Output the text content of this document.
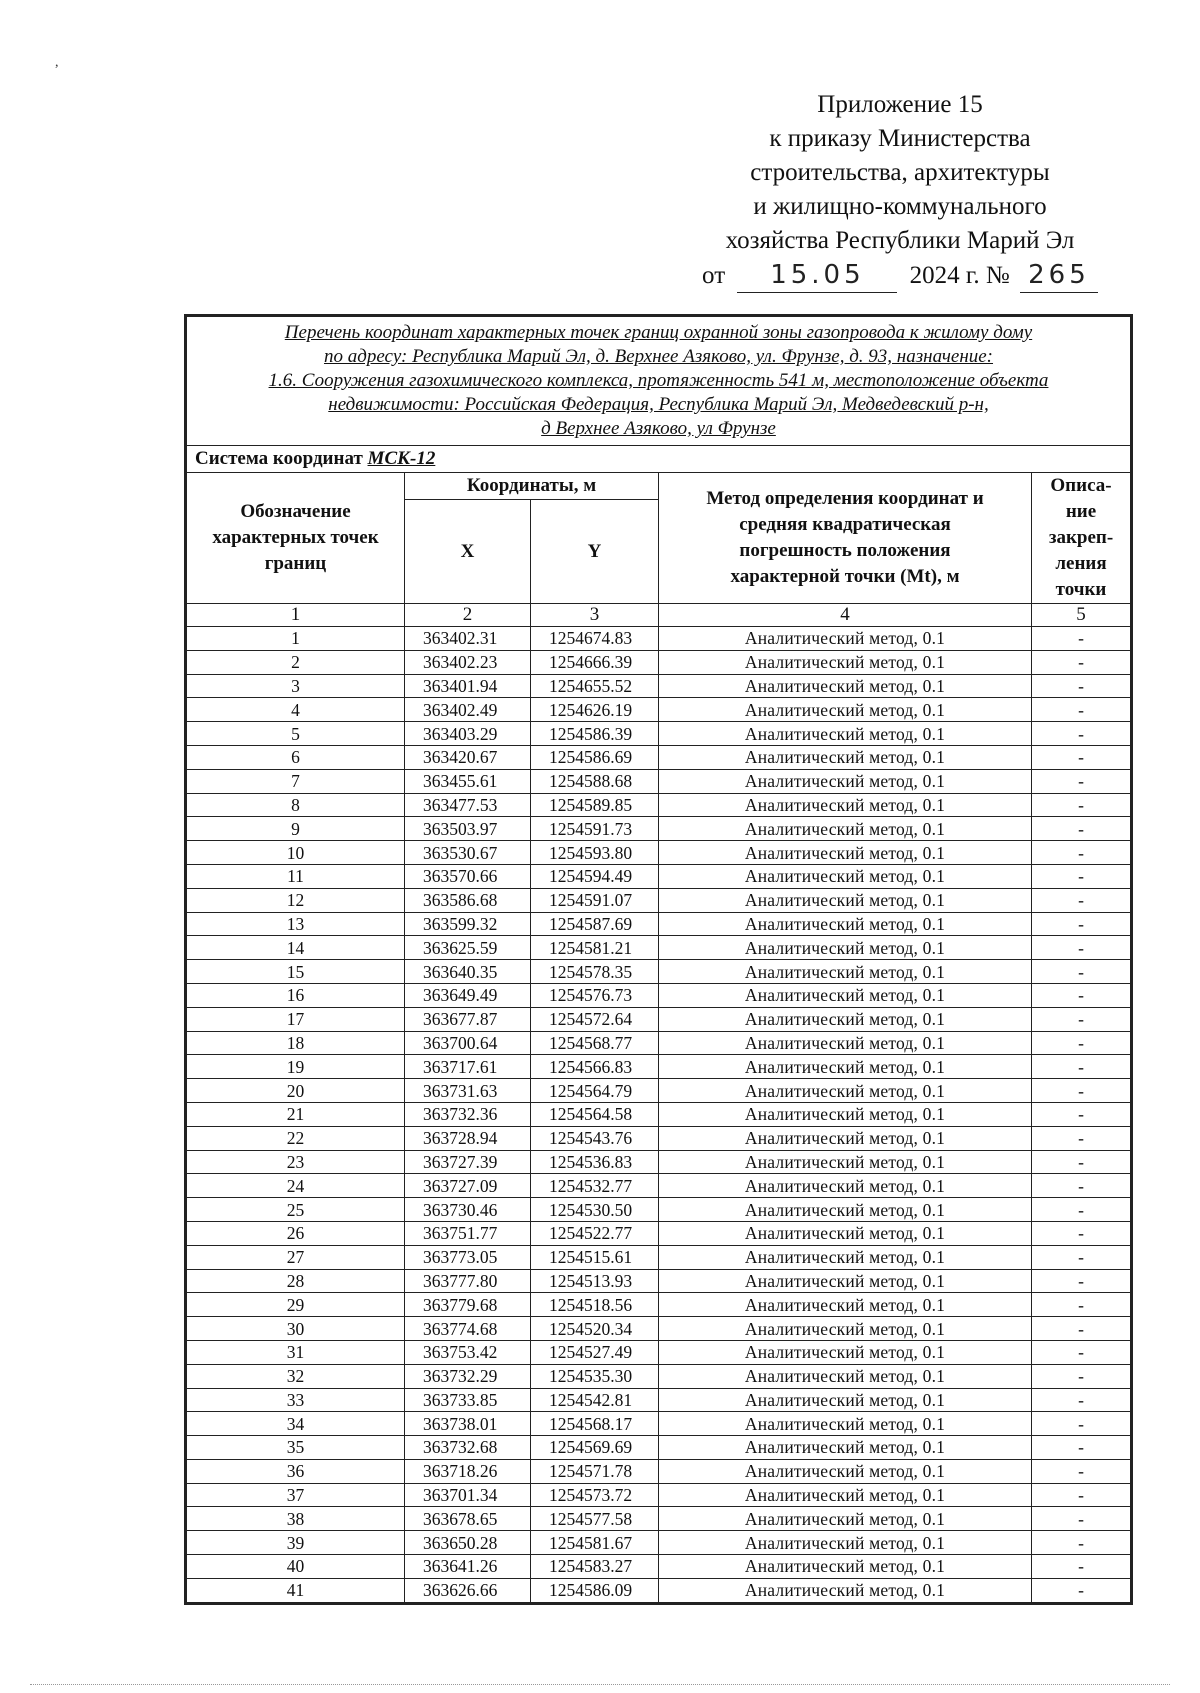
,
Приложение 15
к приказу Министерства
строительства, архитектуры
и жилищно-коммунального
хозяйства Республики Марий Эл
от 15.05 2024 г. № 265
Перечень координат характерных точек границ охранной зоны газопровода к жилому дому
по адресу: Республика Марий Эл, д. Верхнее Азяково, ул. Фрунзе, д. 93, назначение:
1.6. Сооружения газохимического комплекса, протяженность 541 м, местоположение объекта
недвижимости: Российская Федерация, Республика Марий Эл, Медведевский р-н,
д Верхнее Азяково, ул Фрунзе				

Система координат МСК-12				

Обозначение
характерных точек
границ	Координаты, м		Метод определения координат и
средняя квадратическая
погрешность положения
характерной точки (Mt), м	Описа-
ние
закреп-
ления
точки

	X	Y		
1	2	3	4	5
1	363402.31	1254674.83	Аналитический метод, 0.1	-
2	363402.23	1254666.39	Аналитический метод, 0.1	-
3	363401.94	1254655.52	Аналитический метод, 0.1	-
4	363402.49	1254626.19	Аналитический метод, 0.1	-
5	363403.29	1254586.39	Аналитический метод, 0.1	-
6	363420.67	1254586.69	Аналитический метод, 0.1	-
7	363455.61	1254588.68	Аналитический метод, 0.1	-
8	363477.53	1254589.85	Аналитический метод, 0.1	-
9	363503.97	1254591.73	Аналитический метод, 0.1	-
10	363530.67	1254593.80	Аналитический метод, 0.1	-
11	363570.66	1254594.49	Аналитический метод, 0.1	-
12	363586.68	1254591.07	Аналитический метод, 0.1	-
13	363599.32	1254587.69	Аналитический метод, 0.1	-
14	363625.59	1254581.21	Аналитический метод, 0.1	-
15	363640.35	1254578.35	Аналитический метод, 0.1	-
16	363649.49	1254576.73	Аналитический метод, 0.1	-
17	363677.87	1254572.64	Аналитический метод, 0.1	-
18	363700.64	1254568.77	Аналитический метод, 0.1	-
19	363717.61	1254566.83	Аналитический метод, 0.1	-
20	363731.63	1254564.79	Аналитический метод, 0.1	-
21	363732.36	1254564.58	Аналитический метод, 0.1	-
22	363728.94	1254543.76	Аналитический метод, 0.1	-
23	363727.39	1254536.83	Аналитический метод, 0.1	-
24	363727.09	1254532.77	Аналитический метод, 0.1	-
25	363730.46	1254530.50	Аналитический метод, 0.1	-
26	363751.77	1254522.77	Аналитический метод, 0.1	-
27	363773.05	1254515.61	Аналитический метод, 0.1	-
28	363777.80	1254513.93	Аналитический метод, 0.1	-
29	363779.68	1254518.56	Аналитический метод, 0.1	-
30	363774.68	1254520.34	Аналитический метод, 0.1	-
31	363753.42	1254527.49	Аналитический метод, 0.1	-
32	363732.29	1254535.30	Аналитический метод, 0.1	-
33	363733.85	1254542.81	Аналитический метод, 0.1	-
34	363738.01	1254568.17	Аналитический метод, 0.1	-
35	363732.68	1254569.69	Аналитический метод, 0.1	-
36	363718.26	1254571.78	Аналитический метод, 0.1	-
37	363701.34	1254573.72	Аналитический метод, 0.1	-
38	363678.65	1254577.58	Аналитический метод, 0.1	-
39	363650.28	1254581.67	Аналитический метод, 0.1	-
40	363641.26	1254583.27	Аналитический метод, 0.1	-
41	363626.66	1254586.09	Аналитический метод, 0.1	-
